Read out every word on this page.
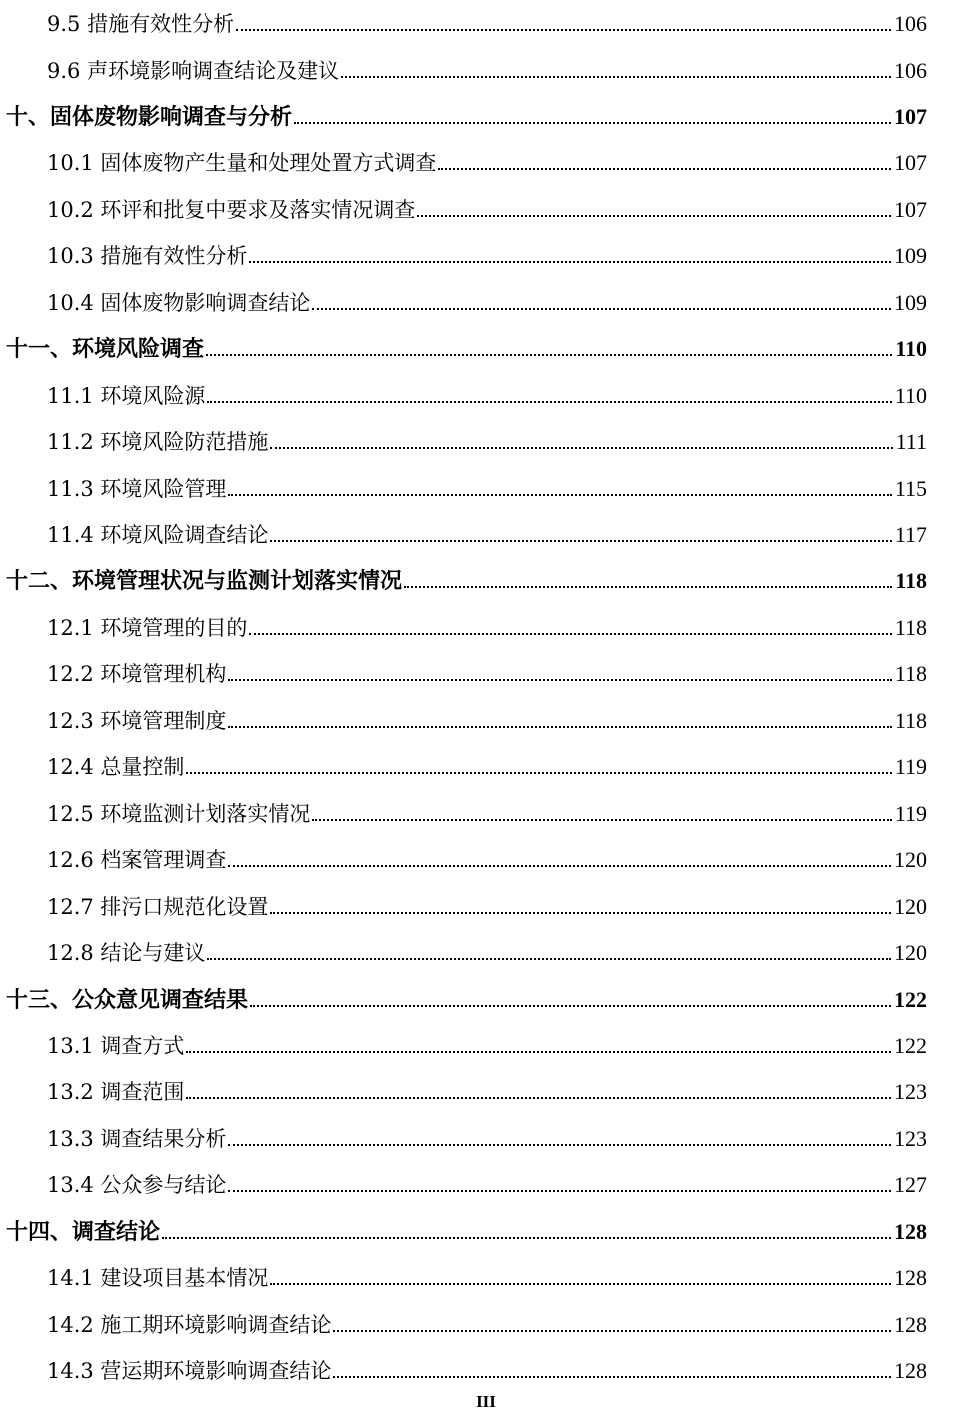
9.5 措施有效性分析	106
9.6 声环境影响调查结论及建议	106
十、固体废物影响调查与分析	107
10.1 固体废物产生量和处理处置方式调查	107
10.2 环评和批复中要求及落实情况调查	107
10.3 措施有效性分析	109
10.4 固体废物影响调查结论	109
十一、环境风险调查	110
11.1 环境风险源	110
11.2 环境风险防范措施	111
11.3 环境风险管理	115
11.4 环境风险调查结论	117
十二、环境管理状况与监测计划落实情况	118
12.1 环境管理的目的	118
12.2 环境管理机构	118
12.3 环境管理制度	118
12.4 总量控制	119
12.5 环境监测计划落实情况	119
12.6 档案管理调查	120
12.7 排污口规范化设置	120
12.8 结论与建议	120
十三、公众意见调查结果	122
13.1 调查方式	122
13.2 调查范围	123
13.3 调查结果分析	123
13.4 公众参与结论	127
十四、调查结论	128
14.1 建设项目基本情况	128
14.2 施工期环境影响调查结论	128
14.3 营运期环境影响调查结论	128
III
